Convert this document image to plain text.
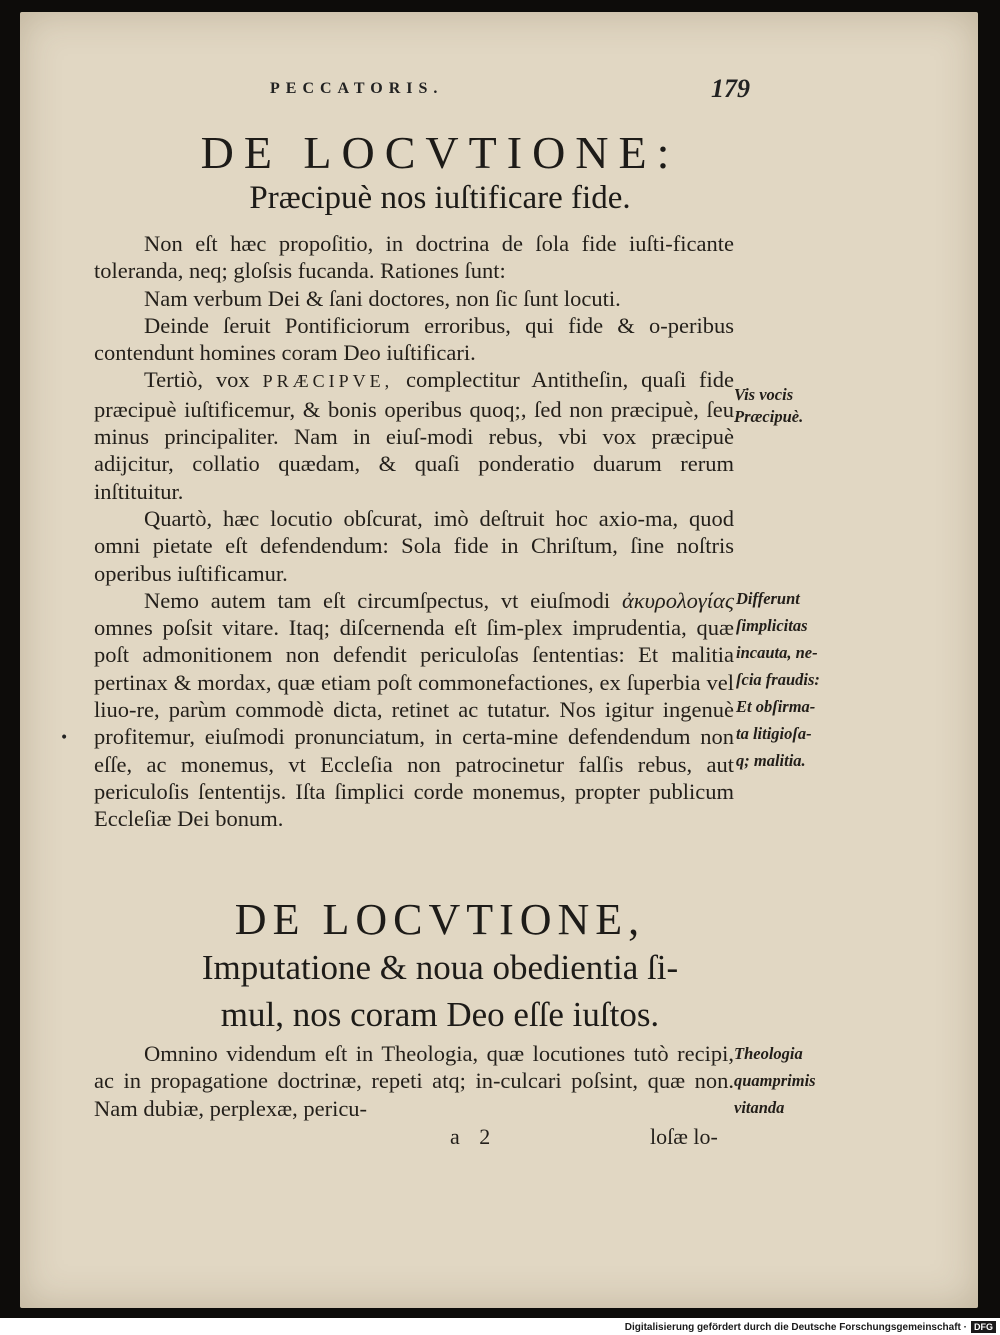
PECCATORIS.	179
DE LOCVTIONE:
Præcipuè nos iuſtificare fide.

Non eſt hæc propoſitio, in doctrina de ſola fide iuſti-ficante toleranda, neq; gloſsis fucanda. Rationes ſunt:

Nam verbum Dei & ſani doctores, non ſic ſunt locuti.

Deinde ſeruit Pontificiorum erroribus, qui fide & o-peribus contendunt homines coram Deo iuſtificari.

Tertiò, vox PRÆCIPVE, complectitur Antitheſin, quaſi fide præcipuè iuſtificemur, & bonis operibus quoq;, ſed non præcipuè, ſeu minus principaliter. Nam in eiuſ-modi rebus, vbi vox præcipuè adijcitur, collatio quædam, & quaſi ponderatio duarum rerum inſtituitur.

Quartò, hæc locutio obſcurat, imò deſtruit hoc axio-ma, quod omni pietate eſt defendendum: Sola fide in Chriſtum, ſine noſtris operibus iuſtificamur.

Nemo autem tam eſt circumſpectus, vt eiuſmodi ἀκυρολογίας omnes poſsit vitare. Itaq; diſcernenda eſt ſim-plex imprudentia, quæ poſt admonitionem non defendit periculoſas ſententias: Et malitia pertinax & mordax, quæ etiam poſt commonefactiones, ex ſuperbia vel liuo-re, parùm commodè dicta, retinet ac tutatur. Nos igitur ingenuè profitemur, eiuſmodi pronunciatum, in certa-mine defendendum non eſſe, ac monemus, vt Eccleſia non patrocinetur falſis rebus, aut periculoſis ſententijs. Iſta ſimplici corde monemus, propter publicum Eccleſiæ Dei bonum.

Vis vocis
Præcipuè.
Differunt
ſimplicitas
incauta, ne-
ſcia fraudis:
Et obſirma-
ta litigioſa-
q; malitia.
•
DE LOCVTIONE,
Imputatione & noua obedientia ſi-
mul, nos coram Deo eſſe iuſtos.

Omnino videndum eſt in Theologia, quæ locutiones tutò recipi, ac in propagatione doctrinæ, repeti atq; in-culcari poſsint, quæ non. Nam dubiæ, perplexæ, pericu-

Theologia
quamprimis
vitanda
a 2	loſæ lo-
Digitalisierung gefördert durch die Deutsche Forschungsgemeinschaft · DFG
